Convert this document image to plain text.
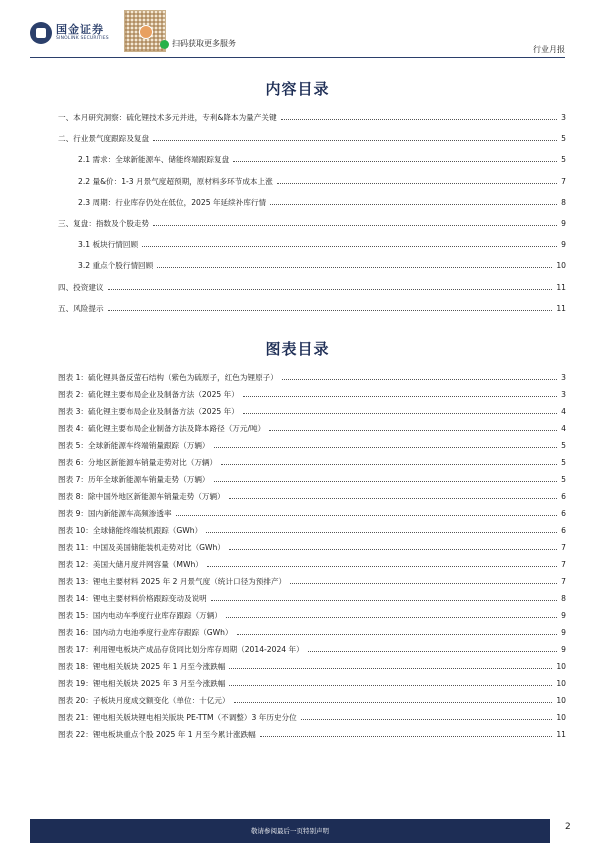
国金证券
SINOLINK SECURITIES
扫码获取更多服务
行业月报
内容目录
一、本月研究洞察：硫化锂技术多元并进，专利&降本为量产关键	3
二、行业景气度跟踪及复盘	5
2.1 需求：全球新能源车、储能终端跟踪复盘	5
2.2 量&价：1-3 月景气度超预期，原材料多环节成本上涨	7
2.3 周期：行业库存仍处在低位，2025 年延续补库行情	8
三、复盘：指数及个股走势	9
3.1 板块行情回顾	9
3.2 重点个股行情回顾	10
四、投资建议	11
五、风险提示	11
图表目录
图表 1：硫化锂具备反萤石结构（紫色为硫原子，红色为锂原子）	3
图表 2：硫化锂主要布局企业及制备方法（2025 年）	3
图表 3：硫化锂主要布局企业及制备方法（2025 年）	4
图表 4：硫化锂主要布局企业制备方法及降本路径（万元/吨）	4
图表 5：全球新能源车终端销量跟踪（万辆）	5
图表 6：分地区新能源车销量走势对比（万辆）	5
图表 7：历年全球新能源车销量走势（万辆）	5
图表 8：除中国外地区新能源车销量走势（万辆）	6
图表 9：国内新能源车高频渗透率	6
图表 10：全球储能终端装机跟踪（GWh）	6
图表 11：中国及美国储能装机走势对比（GWh）	7
图表 12：美国大储月度并网容量（MWh）	7
图表 13：锂电主要材料 2025 年 2 月景气度（统计口径为预排产）	7
图表 14：锂电主要材料价格跟踪变动及说明	8
图表 15：国内电动车季度行业库存跟踪（万辆）	9
图表 16：国内动力电池季度行业库存跟踪（GWh）	9
图表 17：利用锂电板块产成品存货同比划分库存周期（2014-2024 年）	9
图表 18：锂电相关版块 2025 年 1 月至今涨跌幅	10
图表 19：锂电相关版块 2025 年 3 月至今涨跌幅	10
图表 20：子板块月度成交额变化（单位：十亿元）	10
图表 21：锂电相关版块锂电相关版块 PE-TTM（不调整）3 年历史分位	10
图表 22：锂电板块重点个股 2025 年 1 月至今累计涨跌幅	11
敬请参阅最后一页特别声明	2
